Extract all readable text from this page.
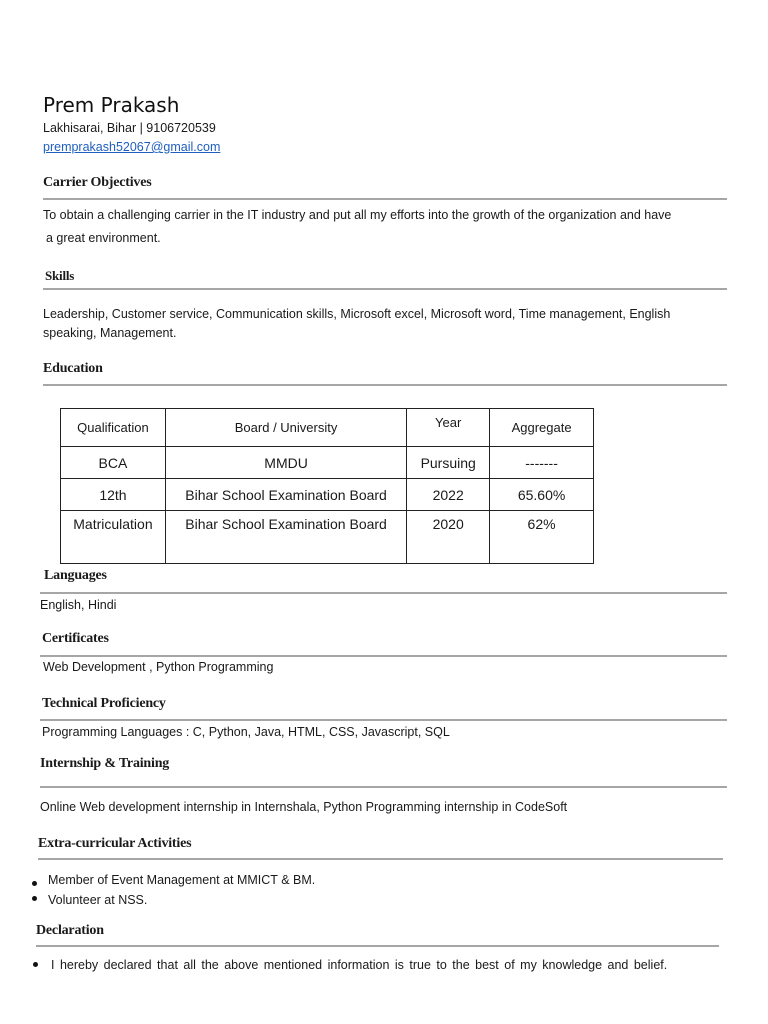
Prem Prakash
Lakhisarai, Bihar | 9106720539
premprakash52067@gmail.com
Carrier Objectives
To obtain a challenging carrier in the IT industry and put all my efforts into the growth of the organization and have
a great environment.
Skills
Leadership, Customer service, Communication skills, Microsoft excel, Microsoft word, Time management, English
speaking, Management.
Education
Qualification	Board / University	Year	Aggregate
BCA	MMDU	Pursuing	-------
12th	Bihar School Examination Board	2022	65.60%
Matriculation	Bihar School Examination Board	2020	62%
Languages
English, Hindi
Certificates
Web Development , Python Programming
Technical Proficiency
Programming Languages : C, Python, Java, HTML, CSS, Javascript, SQL
Internship & Training
Online Web development internship in Internshala, Python Programming internship in CodeSoft
Extra-curricular Activities
Member of Event Management at MMICT & BM.
Volunteer at NSS.
Declaration
I hereby declared that all the above mentioned information is true to the best of my knowledge and belief.
